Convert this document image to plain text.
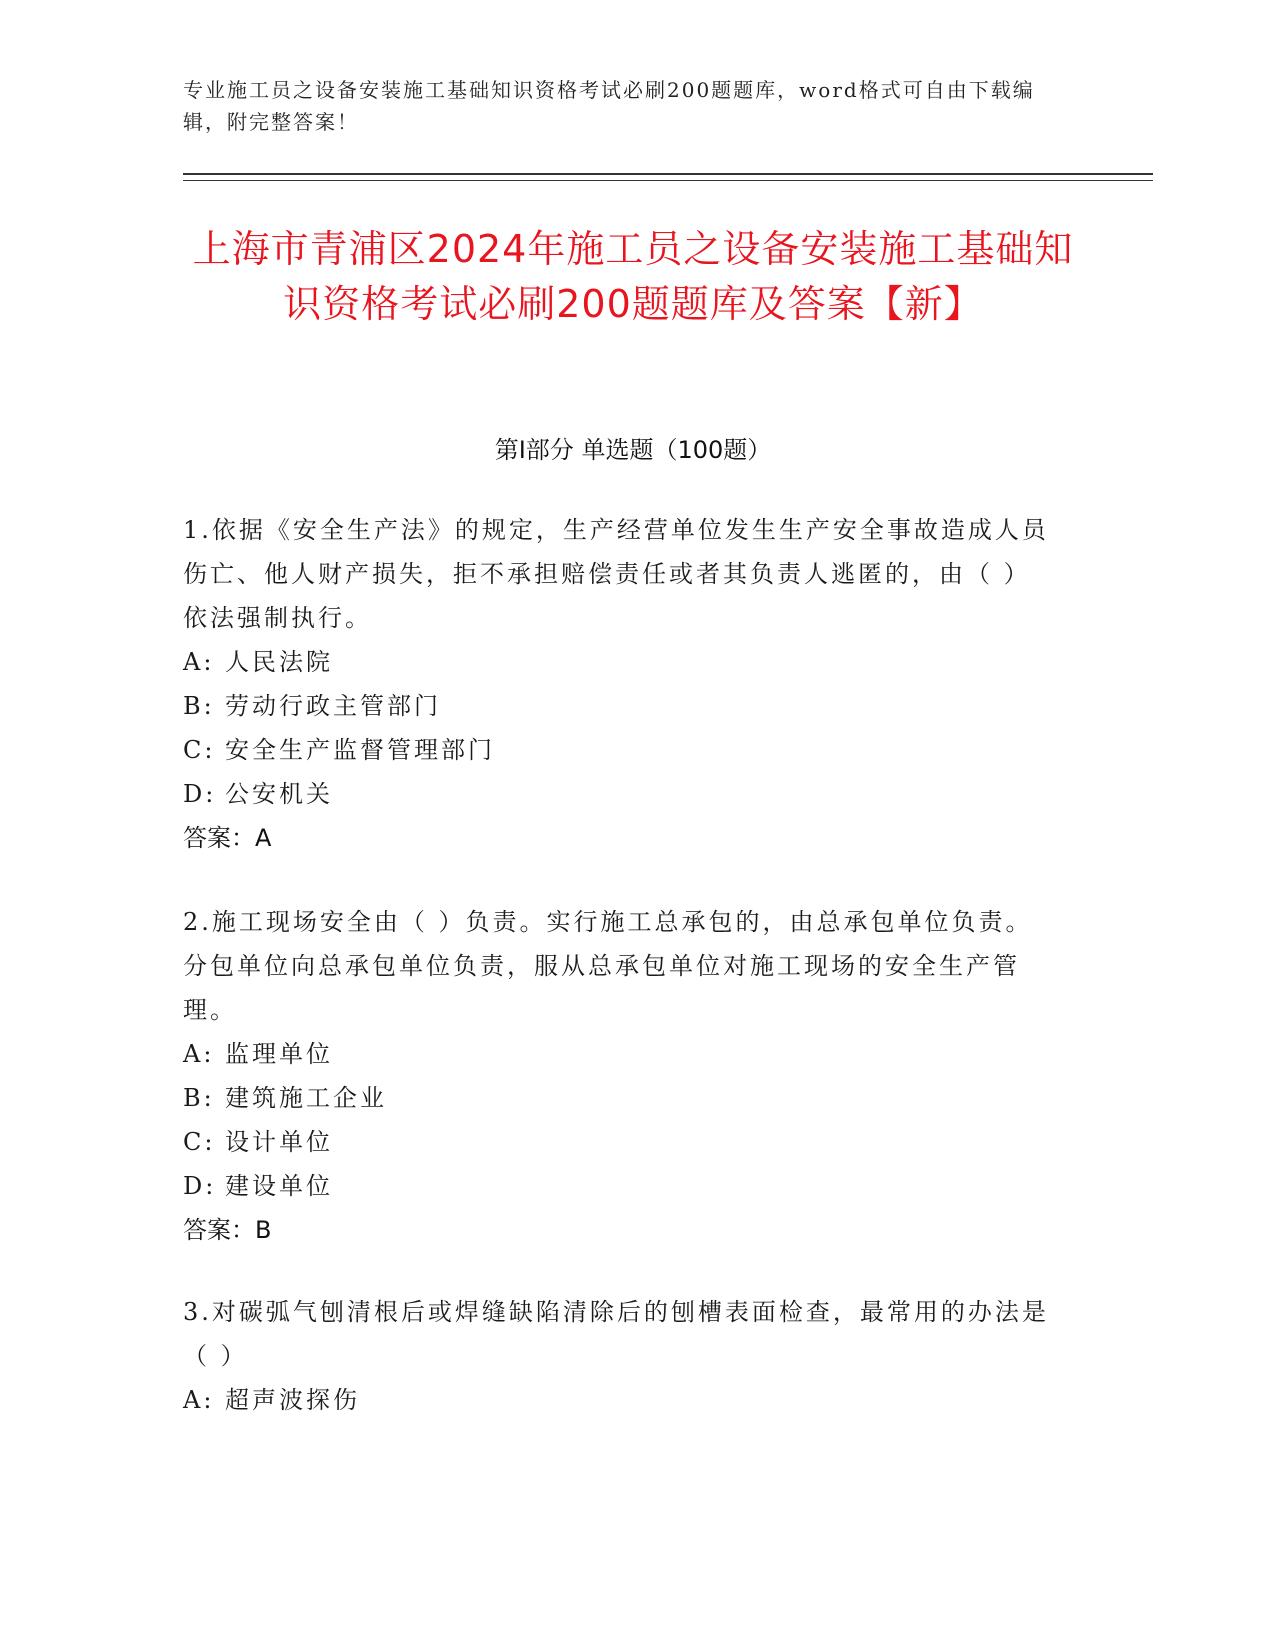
专业施工员之设备安装施工基础知识资格考试必刷200题题库，word格式可自由下载编辑，附完整答案！
上海市青浦区2024年施工员之设备安装施工基础知识资格考试必刷200题题库及答案【新】
第Ⅰ部分 单选题（100题）
1.依据《安全生产法》的规定，生产经营单位发生生产安全事故造成人员伤亡、他人财产损失，拒不承担赔偿责任或者其负责人逃匿的，由（ ）依法强制执行。
A: 人民法院
B: 劳动行政主管部门
C: 安全生产监督管理部门
D: 公安机关
答案：A
2.施工现场安全由（ ）负责。实行施工总承包的，由总承包单位负责。分包单位向总承包单位负责，服从总承包单位对施工现场的安全生产管理。
A: 监理单位
B: 建筑施工企业
C: 设计单位
D: 建设单位
答案：B
3.对碳弧气刨清根后或焊缝缺陷清除后的刨槽表面检查，最常用的办法是（ ）
A: 超声波探伤
